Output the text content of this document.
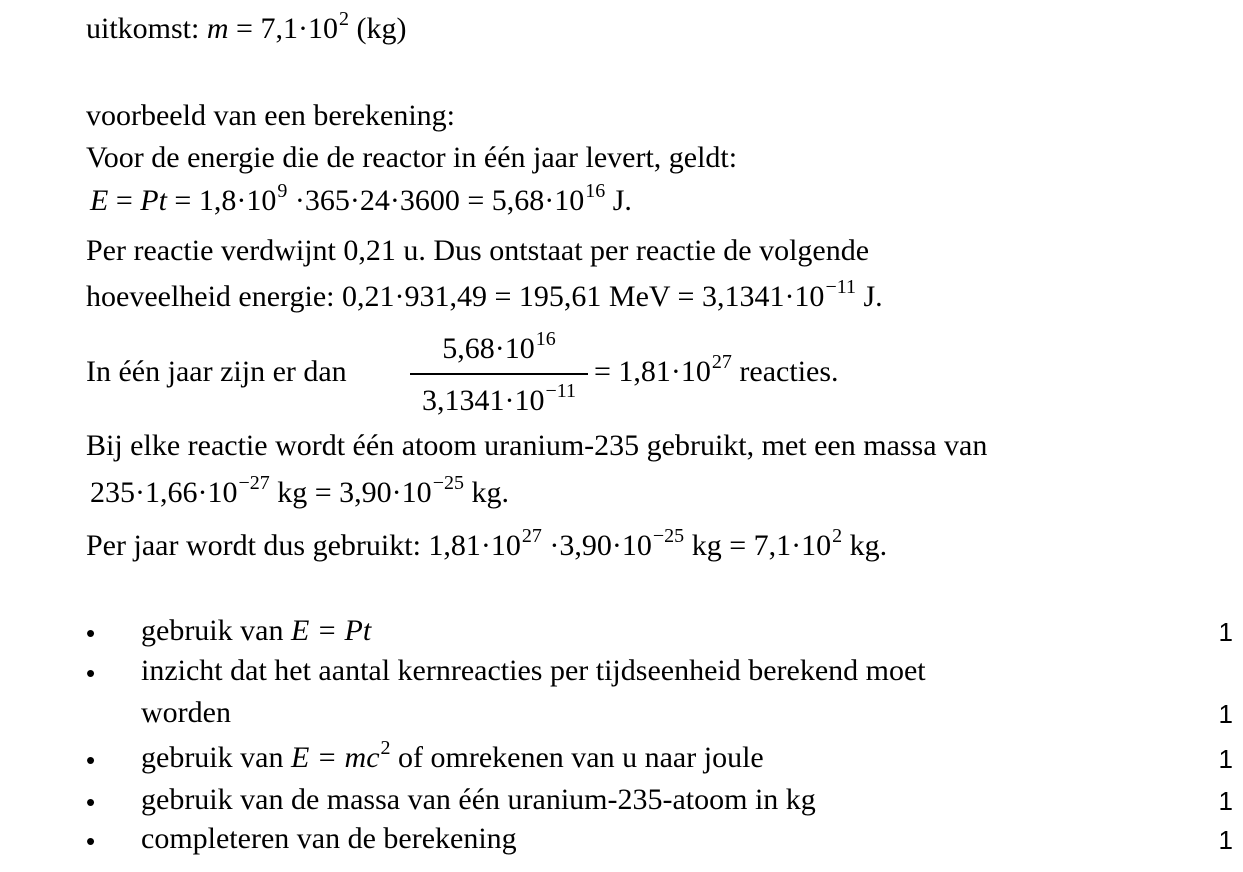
uitkomst: $m = 7,1\cdot 10^2$ (kg)
voorbeeld van een berekening:
Voor de energie die de reactor in één jaar levert, geldt:
$E = Pt = 1,8\cdot 10^9 \cdot 365\cdot 24\cdot 3600 = 5,68\cdot 10^{16}$ J.
Per reactie verdwijnt 0,21 u. Dus ontstaat per reactie de volgende
hoeveelheid energie: 0,21·931,49 = 195,61 MeV = $3,1341\cdot 10^{-11}$ J.
In één jaar zijn er dan
$5,68\cdot 10^{16}$
$3,1341\cdot 10^{-11}$
= $1,81\cdot 10^{27}$ reacties.
Bij elke reactie wordt één atoom uranium-235 gebruikt, met een massa van
$235\cdot 1,66\cdot 10^{-27}$ kg = $3,90\cdot 10^{-25}$ kg.
Per jaar wordt dus gebruikt: $1,81\cdot 10^{27} \cdot 3,90\cdot 10^{-25}$ kg = $7,1\cdot 10^2$ kg.
• gebruik van E = Pt	1
• inzicht dat het aantal kernreacties per tijdseenheid berekend moet
worden	1
• gebruik van $E = mc^2$ of omrekenen van u naar joule	1
• gebruik van de massa van één uranium-235-atoom in kg	1
• completeren van de berekening	1
